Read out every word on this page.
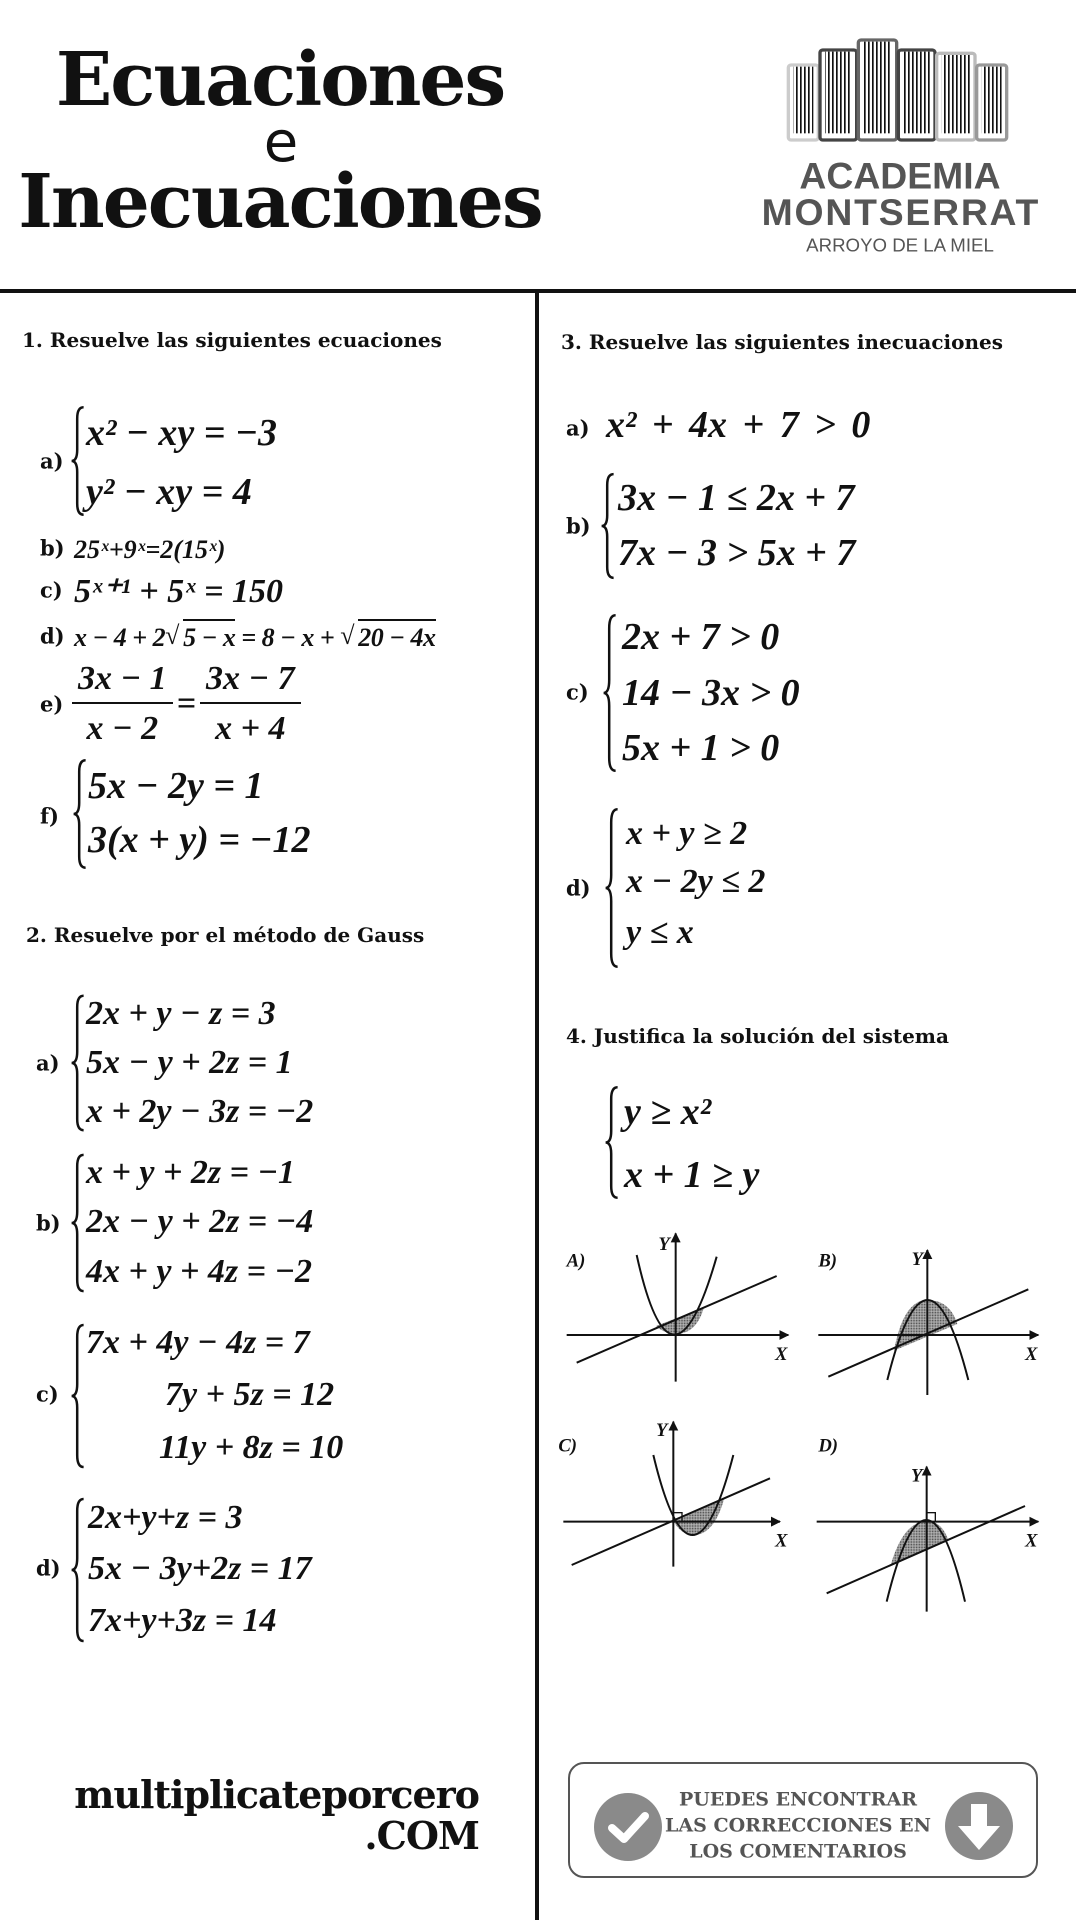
Ecuaciones
e
Inecuaciones ACADEMIA
MONTSERRAT
ARROYO DE LA MIEL
1. Resuelve las siguientes ecuaciones
a)
x² − xy = −3
y² − xy = 4
b) 25ˣ+9ˣ=2(15ˣ)
c) 5ˣ⁺¹ + 5ˣ = 150
d) x − 4 + 2 √ 5 − x = 8 − x + √ 20 − 4x
$e) \frac{3x - 1}{x - 2} = \frac{3x - 7}{x + 4}$
f)
5x − 2y = 1
3(x + y) = −12
2. Resuelve por el método de Gauss
a)
2x + y − z = 3
5x − y + 2z = 1
x + 2y − 3z = −2
b)
x + y + 2z = −1
2x − y + 2z = −4
4x + y + 4z = −2
c)
7x + 4y − 4z = 7
7y + 5z = 12
11y + 8z = 10
d)
2x+y+z = 3
5x − 3y+2z = 17
7x+y+3z = 14
multiplicateporcero
.COM
3. Resuelve las siguientes inecuaciones
a) x² + 4x + 7 > 0
b)
3x − 1 ≤ 2x + 7
7x − 3 > 5x + 7
c)
2x + 7 > 0
14 − 3x > 0
5x + 1 > 0
d)
x + y ≥ 2
x − 2y ≤ 2
y ≤ x
4. Justifica la solución del sistema
y ≥ x²
x + 1 ≥ y
A)
Y
X
B) Y
X
C)
Y
X
D)
Y
X
PUEDES ENCONTRAR
LAS CORRECCIONES EN
LOS COMENTARIOS
